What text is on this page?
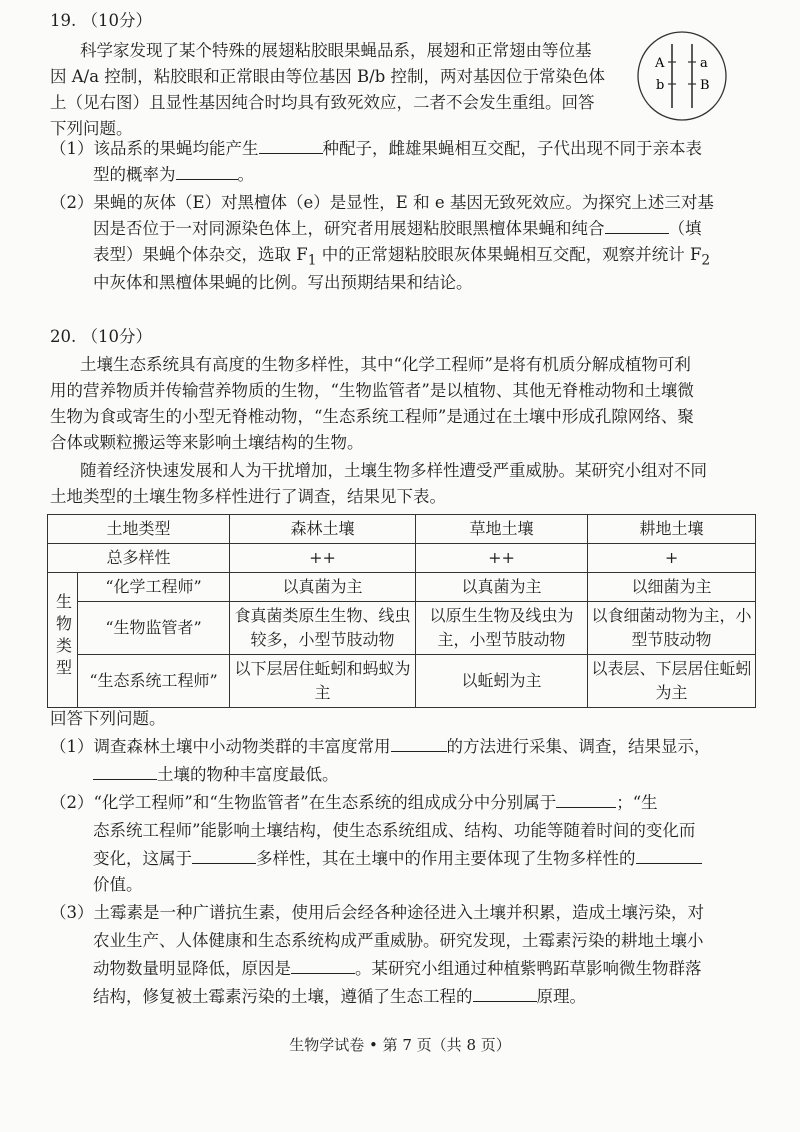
19. （10分）
科学家发现了某个特殊的展翅粘胶眼果蝇品系，展翅和正常翅由等位基
因 A/a 控制，粘胶眼和正常眼由等位基因 B/b 控制，两对基因位于常染色体
上（见右图）且显性基因纯合时均具有致死效应，二者不会发生重组。回答
下列问题。
A	a
b	B
（1）该品系的果蝇均能产生	种配子，雌雄果蝇相互交配，子代出现不同于亲本表
型的概率为	。
（2）果蝇的灰体（E）对黑檀体（e）是显性，E 和 e 基因无致死效应。为探究上述三对基
因是否位于一对同源染色体上，研究者用展翅粘胶眼黑檀体果蝇和纯合	（填
表型）果蝇个体杂交，选取 $F_1$ 中的正常翅粘胶眼灰体果蝇相互交配，观察并统计 $F_2$
中灰体和黑檀体果蝇的比例。写出预期结果和结论。
20. （10分）
土壤生态系统具有高度的生物多样性，其中“化学工程师”是将有机质分解成植物可利
用的营养物质并传输营养物质的生物，“生物监管者”是以植物、其他无脊椎动物和土壤微
生物为食或寄生的小型无脊椎动物，“生态系统工程师”是通过在土壤中形成孔隙网络、聚
合体或颗粒搬运等来影响土壤结构的生物。
随着经济快速发展和人为干扰增加，土壤生物多样性遭受严重威胁。某研究小组对不同
土地类型的土壤生物多样性进行了调查，结果见下表。
土地类型		森林土壤	草地土壤	耕地土壤
总多样性		++	++	+
生物类型	“化学工程师”	以真菌为主	以真菌为主	以细菌为主
	“生物监管者”	食真菌类原生生物、线虫较多，小型节肢动物	以原生生物及线虫为主，小型节肢动物	以食细菌动物为主，小型节肢动物
	“生态系统工程师”	以下层居住蚯蚓和蚂蚁为主	以蚯蚓为主	以表层、下层居住蚯蚓为主
回答下列问题。
（1）调查森林土壤中小动物类群的丰富度常用	的方法进行采集、调查，结果显示，
土壤的物种丰富度最低。
（2）“化学工程师”和“生物监管者”在生态系统的组成成分中分别属于	；“生
态系统工程师”能影响土壤结构，使生态系统组成、结构、功能等随着时间的变化而
变化，这属于	多样性，其在土壤中的作用主要体现了生物多样性的
价值。
（3）土霉素是一种广谱抗生素，使用后会经各种途径进入土壤并积累，造成土壤污染，对
农业生产、人体健康和生态系统构成严重威胁。研究发现，土霉素污染的耕地土壤小
动物数量明显降低，原因是	。某研究小组通过种植紫鸭跖草影响微生物群落
结构，修复被土霉素污染的土壤，遵循了生态工程的	原理。
生物学试卷 • 第 7 页（共 8 页）
